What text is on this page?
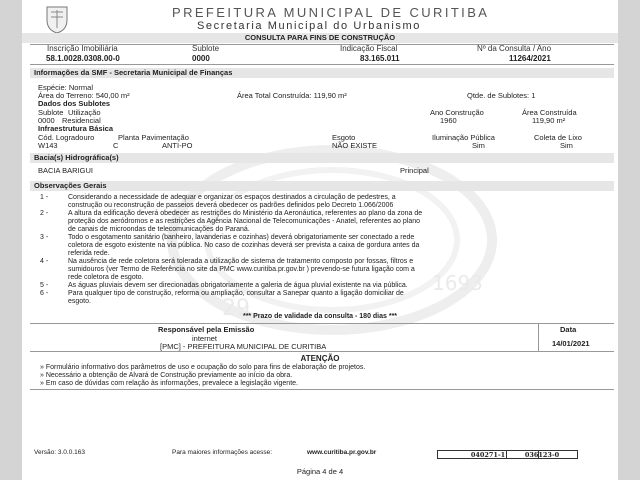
29
1693
PREFEITURA MUNICIPAL DE CURITIBA
Secretaria Municipal do Urbanismo
CONSULTA PARA FINS DE CONSTRUÇÃO
Inscrição Imobiliária
58.1.0028.0308.00-0
Sublote
0000
Indicação Fiscal
83.165.011
Nº da Consulta / Ano
11264/2021
Informações da SMF - Secretaria Municipal de Finanças
Espécie: Normal
Área do Terreno: 540,00 m²	Área Total Construída: 119,90 m²	Qtde. de Sublotes: 1
Dados dos Sublotes
Sublote Utilização	Ano Construção	Área Construída
0000 Residencial	1960	119,90 m²
Infraestrutura Básica
Cód. Logradouro	Planta Pavimentação	Esgoto	Iluminação Pública	Coleta de Lixo
W143	C	ANTI-PO	NÃO EXISTE	Sim	Sim
Bacia(s) Hidrográfica(s)
BACIA BARIGUI	Principal
Observações Gerais
1 -	Considerando a necessidade de adequar e organizar os espaços destinados a circulação de pedestres, a
construção ou reconstrução de passeios deverá obedecer os padrões definidos pelo Decreto 1.066/2006
2 -	A altura da edificação deverá obedecer as restrições do Ministério da Aeronáutica, referentes ao plano da zona de
proteção dos aeródromos e as restrições da Agência Nacional de Telecomunicações - Anatel, referentes ao plano
de canais de microondas de telecomunicações do Paraná.
3 -	Todo o esgotamento sanitário (banheiro, lavanderias e cozinhas) deverá obrigatoriamente ser conectado a rede
coletora de esgoto existente na via pública. No caso de cozinhas deverá ser prevista a caixa de gordura antes da
referida rede.
4 -	Na ausência de rede coletora será tolerada a utilização de sistema de tratamento composto por fossas, filtros e
sumidouros (ver Termo de Referência no site da PMC www.curitiba.pr.gov.br ) prevendo-se futura ligação com a
rede coletora de esgoto.
5 -	As águas pluviais devem ser direcionadas obrigatoriamente a galeria de água pluvial existente na via pública.
6 -	Para qualquer tipo de construção, reforma ou ampliação, consultar a Sanepar quanto a ligação domiciliar de
esgoto.
*** Prazo de validade da consulta - 180 dias ***
Responsável pela Emissão
internet
[PMC] - PREFEITURA MUNICIPAL DE CURITIBA
Data
14/01/2021
ATENÇÃO
» Formulário informativo dos parâmetros de uso e ocupação do solo para fins de elaboração de projetos.
» Necessário a obtenção de Alvará de Construção previamente ao início da obra.
» Em caso de dúvidas com relação às informações, prevalece a legislação vigente.
Versão: 3.0.0.163	Para maiores informações acesse:	www.curitiba.pr.gov.br	040271-1	036123-0
Página 4 de 4
